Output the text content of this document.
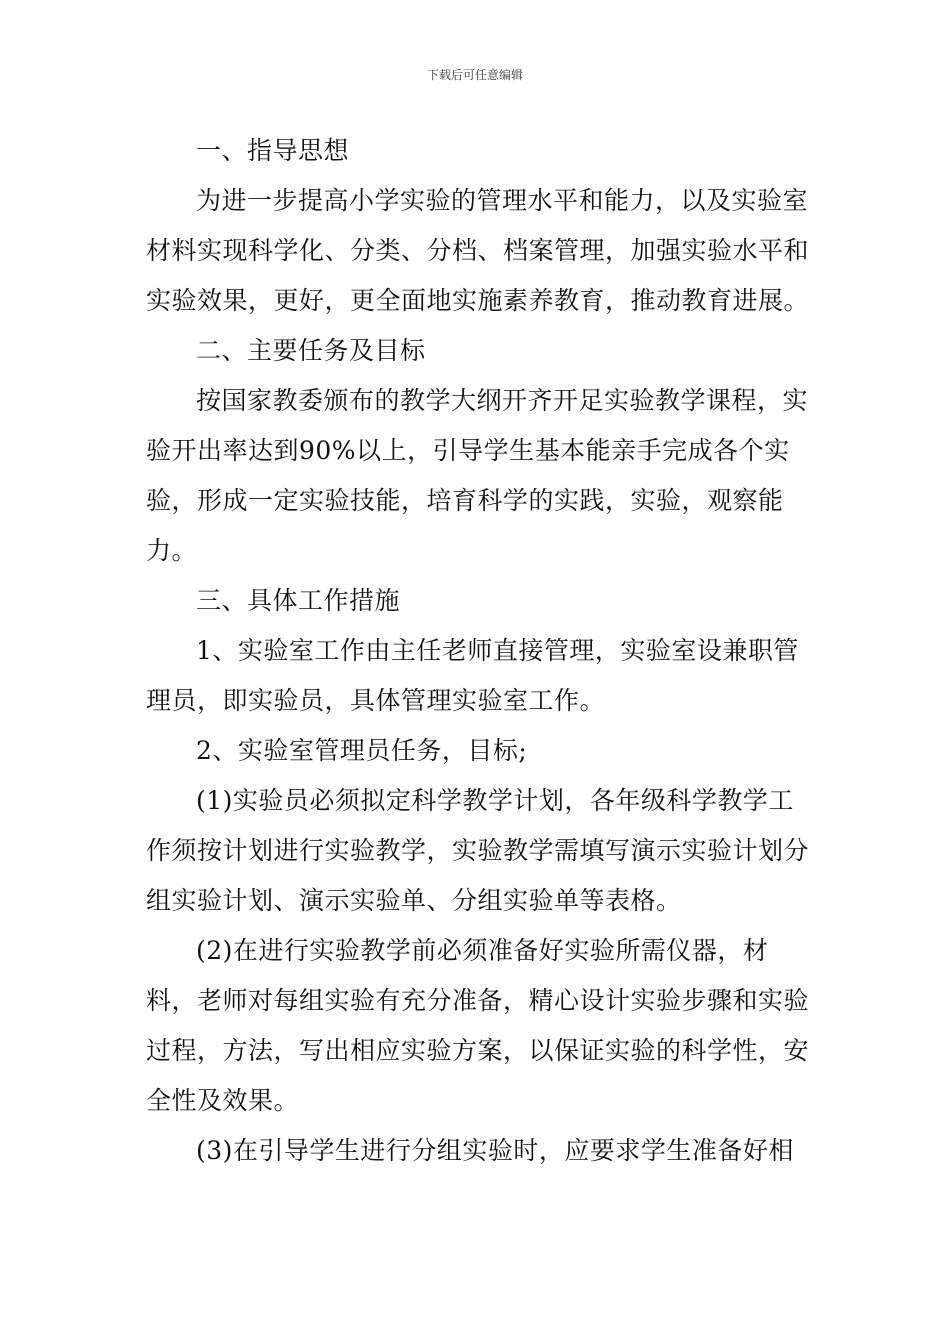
下载后可任意编辑

一、指导思想

为进一步提高小学实验的管理水平和能力，以及实验室材料实现科学化、分类、分档、档案管理，加强实验水平和实验效果，更好，更全面地实施素养教育，推动教育进展。

二、主要任务及目标

按国家教委颁布的教学大纲开齐开足实验教学课程，实验开出率达到90%以上，引导学生基本能亲手完成各个实验，形成一定实验技能，培育科学的实践，实验，观察能力。

三、具体工作措施

1、实验室工作由主任老师直接管理，实验室设兼职管理员，即实验员，具体管理实验室工作。

2、实验室管理员任务，目标;

(1)实验员必须拟定科学教学计划，各年级科学教学工作须按计划进行实验教学，实验教学需填写演示实验计划分组实验计划、演示实验单、分组实验单等表格。

(2)在进行实验教学前必须准备好实验所需仪器，材料，老师对每组实验有充分准备，精心设计实验步骤和实验过程，方法，写出相应实验方案，以保证实验的科学性，安全性及效果。

(3)在引导学生进行分组实验时，应要求学生准备好相
